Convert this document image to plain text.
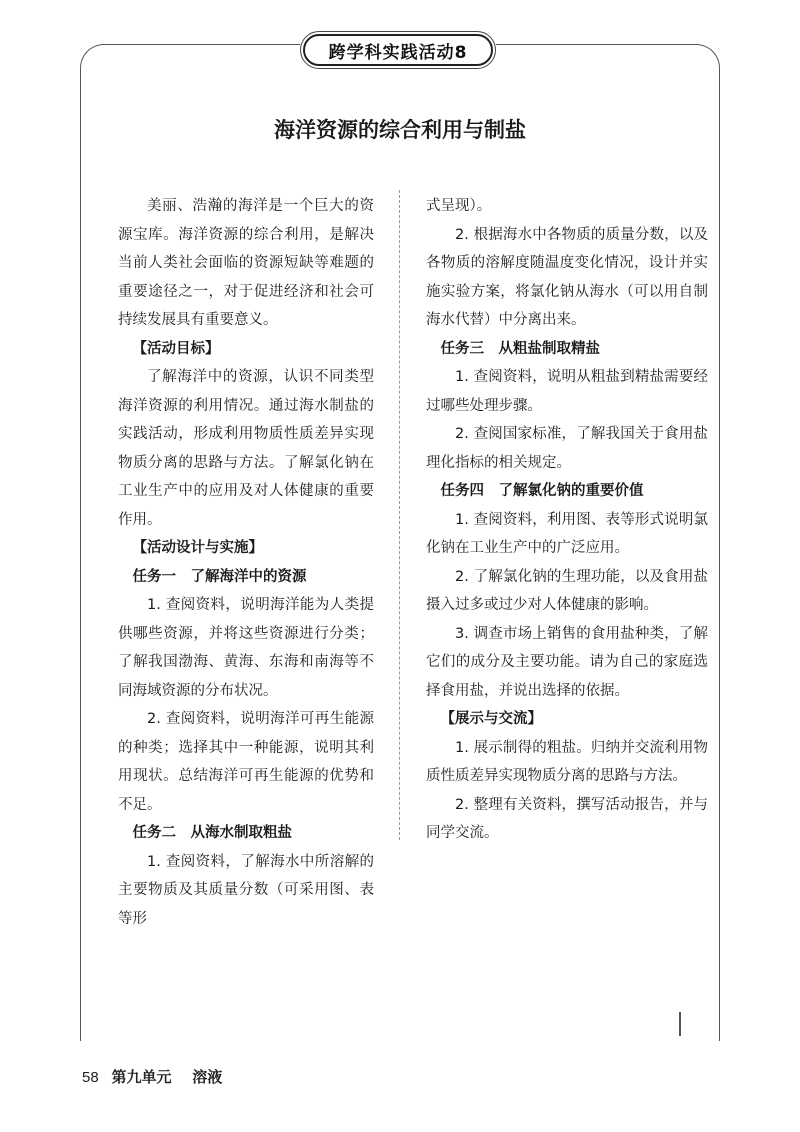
跨学科实践活动8
海洋资源的综合利用与制盐

美丽、浩瀚的海洋是一个巨大的资源宝库。海洋资源的综合利用，是解决当前人类社会面临的资源短缺等难题的重要途径之一，对于促进经济和社会可持续发展具有重要意义。

【活动目标】

了解海洋中的资源，认识不同类型海洋资源的利用情况。通过海水制盐的实践活动，形成利用物质性质差异实现物质分离的思路与方法。了解氯化钠在工业生产中的应用及对人体健康的重要作用。

【活动设计与实施】

任务一　了解海洋中的资源

1. 查阅资料，说明海洋能为人类提供哪些资源，并将这些资源进行分类；了解我国渤海、黄海、东海和南海等不同海域资源的分布状况。

2. 查阅资料，说明海洋可再生能源的种类；选择其中一种能源，说明其利用现状。总结海洋可再生能源的优势和不足。

任务二　从海水制取粗盐

1. 查阅资料，了解海水中所溶解的主要物质及其质量分数（可采用图、表等形

式呈现）。

2. 根据海水中各物质的质量分数，以及各物质的溶解度随温度变化情况，设计并实施实验方案，将氯化钠从海水（可以用自制海水代替）中分离出来。

任务三　从粗盐制取精盐

1. 查阅资料，说明从粗盐到精盐需要经过哪些处理步骤。

2. 查阅国家标准，了解我国关于食用盐理化指标的相关规定。

任务四　了解氯化钠的重要价值

1. 查阅资料，利用图、表等形式说明氯化钠在工业生产中的广泛应用。

2. 了解氯化钠的生理功能，以及食用盐摄入过多或过少对人体健康的影响。

3. 调查市场上销售的食用盐种类，了解它们的成分及主要功能。请为自己的家庭选择食用盐，并说出选择的依据。

【展示与交流】

1. 展示制得的粗盐。归纳并交流利用物质性质差异实现物质分离的思路与方法。

2. 整理有关资料，撰写活动报告，并与同学交流。

58 第九单元 溶液
